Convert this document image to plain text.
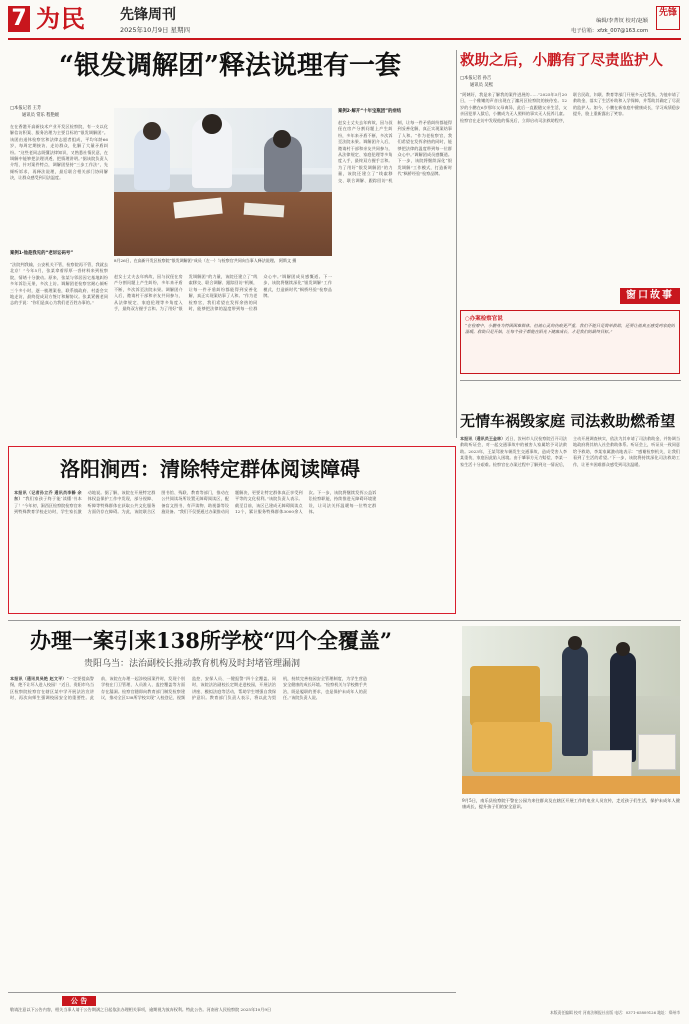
7 为民 先锋周刊
2025年10月9日 星期四
编辑/李菁钗 校对/赵颖
电子信箱：xfzk_007@163.com
先锋
“银发调解团”释法说理有一套
□本报记者 王芳
通讯员 常乐 程艳媛
在在香港开高新技术产业开发区检察院，有一支以化解信访积案、服务治理为主要目标的“银发调解团”。该团由退休检察官和法律志愿者组成，平均年龄66岁，每周定期接访、走访群众，化解了大量矛盾纠纷。“这些老同志既懂法律知识，又熟悉社情民意，在调解中能够把法理讲透、把情理讲明。”据该院负责人介绍，针对案件特点，调解团坚持“三步工作法”，先倾听诉求，再释法说理，最后联合相关部门协同解决，让群众感受到司法温度。
案例1·他是我见的“老诉讼码号”
“法院判我输，公安机关不管，检察院再不管，我就去北京！”今年5月，张某拿着厚厚一沓材料来到检察院，情绪十分激动。原来，张某与邻居因宅基地纠纷多年诉讼无果，多次上访。调解团老检察官耐心倾听三个多小时，逐一梳理案卷，联系镇政府、村委会实地走访，最终促成双方签订和解协议。张某紧握老同志的手说：“你们是真心为我们老百姓办事的。”
8月26日，在高新开发区检察院“银发调解团”成员（左一）与检察官共同向当事人释法说理。 阿斯文 摄
赵女士丈夫去年病故，因与叔侄在房产分割问题上产生纠纷，多年来矛盾不断，多次诉至法院未果。调解团介入后，邀请村干部和亲友共同参与，从法律规定、家庭伦理等多角度入手，最终双方握手言和。为了用好“银发调解团”的力量，该院还建立了“线索移交、联合调解、跟踪回访”机制，让每一件矛盾纠纷都能得到妥善化解，真正实现案结事了人和。“作为老检察官，我们希望在发挥余热的同时，能够把法律的温度带到每一位群众心中。”调解团成员感慨道。下一步，该院将继续深化“银发调解”工作模式，打造新时代“枫桥经验”检察品牌。
案例2·解开“十年宝瓶团”的症结
赵女士丈夫去年病故，因与叔侄在房产分割问题上产生纠纷，多年来矛盾不断，多次诉至法院未果。调解团介入后，邀请村干部和亲友共同参与，从法律规定、家庭伦理等多角度入手，最终双方握手言和。为了用好“银发调解团”的力量，该院还建立了“线索移交、联合调解、跟踪回访”机制，让每一件矛盾纠纷都能得到妥善化解，真正实现案结事了人和。“作为老检察官，我们希望在发挥余热的同时，能够把法律的温度带到每一位群众心中。”调解团成员感慨道。下一步，该院将继续深化“银发调解”工作模式，打造新时代“枫桥经验”检察品牌。
救助之后，小鹏有了尽责监护人
□本报记者 孙吉
通讯员 吴熙
“阿姨好，我是来了解我的案件进展的……”2025年5月20日，一个稚嫩的声音出现在了瀍河区检察院的接待室。12岁的小鹏在6岁那年父母离异，此后一直跟随父亲生活，父亲因犯罪入狱后，小鹏成为无人照料的事实无人抚养儿童。检察官在走访中发现他的情况后，立即启动司法救助程序，联合民政、妇联、教育等部门开展多元化帮扶，为他申请了救助金，落实了生活补助和入学保障，并帮助其确定了尽责的监护人。如今，小鹏在新家庭中健康成长，学习成绩稳步提升，脸上重新露出了笑容。
窗口故事
○办案检察官说
“在检察中，小鹏身为特困困难群体，但他心灵的伤痕更严重，我们不能只是简单救助，还要让他真正感受到家庭的温暖。救助只是开始，让每个孩子都能在阳光下健康成长，才是我们的最终目标。”
无情车祸毁家庭 司法救助燃希望
本报讯（通讯员王金林）近日，汝州市人民检察院召开司法救助听证会，对一起交通事故中的被害人家属给予司法救助。2023年，王某驾驶车辆发生交通事故，造成受害人李某重伤，家庭因此陷入困境。由于肇事方无力赔偿，李某一家生活十分艰难。检察官在办案过程中了解到这一情况后，主动开展调查核实，依法为其申请了司法救助金，并协调当地政府将其纳入社会救助体系。听证会上，听证员一致同意给予救助，李某家属激动地表示：“感谢检察机关，让我们看到了生活的希望。”下一步，该院将持续深化司法救助工作，让更多困难群众感受到司法温暖。
洛阳涧西：清除特定群体阅读障碍
本报讯（记者孙立乔 通讯员李静 余东）“我们家孩子终于能‘读懂’书本了！”今年初，涧西区检察院检察官来到特殊教育学校走访时，学生家长激动地说。据了解，该院在开展特定群体权益保护工作中发现，部分视障、听障等特殊群体在获取公共文化服务方面仍存在障碍。为此，该院联合区图书馆、残联、教育等部门，推动在公共阅读场所设置无障碍阅读区，配备盲文图书、有声读物、助视器等设施设备。“我们不仅要通过办案推动问题解决，更要让特定群体真正享受到平等的文化权利。”该院负责人表示。截至目前，该区已建成无障碍阅读点12个，累计服务特殊群体3000余人次。下一步，该院将继续发挥公益诉讼检察职能，持续推进无障碍环境建设，让司法关怀温暖每一位特定群体。
办理一案引来138所学校“四个全覆盖”
贵阳乌当：法治副校长推动教育机构及时封堵管理漏洞
本报讯（通讯员吴艳 赵文平）“一定要提高警惕，绝不让坏人进入校园！”近日，贵阳市乌当区检察院检察官在辖区某中学开展法治宣讲时，再次向师生强调校园安全的重要性。此前，该院在办理一起涉校园案件时，发现个别学校在门卫管理、人员准入、监控覆盖等方面存在漏洞。检察官随即向教育部门制发检察建议，推动全区138所学校实现“入校登记、视频监控、安保人员、一键报警”四个全覆盖。同时，该院法治副校长定期走进校园，开展法治讲座、模拟法庭等活动，帮助学生增强自我保护意识。教育部门负责人表示，将以此为契机，持续完善校园安全管理制度，为学生营造安全健康的成长环境。“检察机关与学校携手共治，既是履职的要求，也是保护未成年人的责任。”该院负责人说。
9月5日，南乐县检察院干警在公园为来往群众及在辖区开展工作的电业人员宣传，走近孩子们生活，保护未成年人健康成长，提升孩子们的安全意识。
公 告
敬请注意以下公告内容，相关当事人请于公告期满之日起依法办理相关事项，逾期视为放弃权利。特此公告。河南省人民检察院 2025年10月9日
本版责任编辑 校对 河南法制报社出版 电话：0371-65809126 地址：郑州市
